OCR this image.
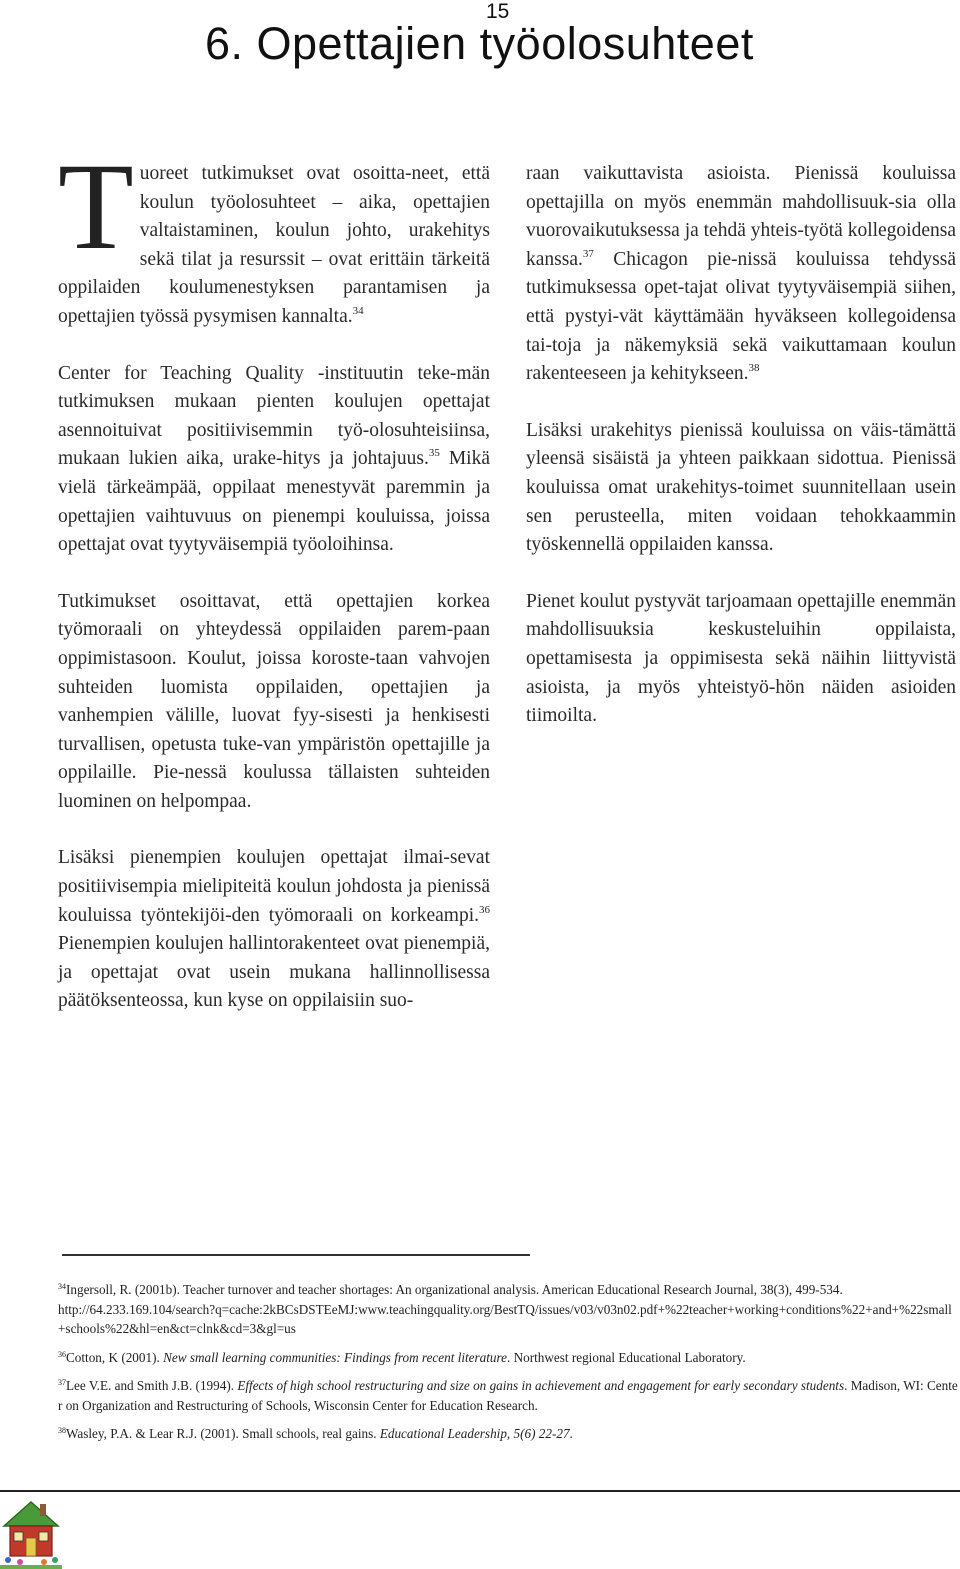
15
6. Opettajien työolosuhteet

Tuoreet tutkimukset ovat osoitta-neet, että koulun työolosuhteet – aika, opettajien valtaistaminen, koulun johto, urakehitys sekä tilat ja resurssit – ovat erittäin tärkeitä oppilaiden koulumenestyksen parantamisen ja opettajien työssä pysymisen kannalta.$^{34}$

Center for Teaching Quality -instituutin teke-män tutkimuksen mukaan pienten koulujen opettajat asennoituivat positiivisemmin työ-olosuhteisiinsa, mukaan lukien aika, urake-hitys ja johtajuus.$^{35}$ Mikä vielä tärkeämpää, oppilaat menestyvät paremmin ja opettajien vaihtuvuus on pienempi kouluissa, joissa opettajat ovat tyytyväisempiä työoloihinsa.

Tutkimukset osoittavat, että opettajien korkea työmoraali on yhteydessä oppilaiden parem-paan oppimistasoon. Koulut, joissa koroste-taan vahvojen suhteiden luomista oppilaiden, opettajien ja vanhempien välille, luovat fyy-sisesti ja henkisesti turvallisen, opetusta tuke-van ympäristön opettajille ja oppilaille. Pie-nessä koulussa tällaisten suhteiden luominen on helpompaa.

Lisäksi pienempien koulujen opettajat ilmai-sevat positiivisempia mielipiteitä koulun johdosta ja pienissä kouluissa työntekijöi-den työmoraali on korkeampi.$^{36}$ Pienempien koulujen hallintorakenteet ovat pienempiä, ja opettajat ovat usein mukana hallinnollisessa päätöksenteossa, kun kyse on oppilaisiin suo-

raan vaikuttavista asioista. Pienissä kouluissa opettajilla on myös enemmän mahdollisuuk-sia olla vuorovaikutuksessa ja tehdä yhteis-työtä kollegoidensa kanssa.$^{37}$ Chicagon pie-nissä kouluissa tehdyssä tutkimuksessa opet-tajat olivat tyytyväisempiä siihen, että pystyi-vät käyttämään hyväkseen kollegoidensa tai-toja ja näkemyksiä sekä vaikuttamaan koulun rakenteeseen ja kehitykseen.$^{38}$

Lisäksi urakehitys pienissä kouluissa on väis-tämättä yleensä sisäistä ja yhteen paikkaan sidottua. Pienissä kouluissa omat urakehitys-toimet suunnitellaan usein sen perusteella, miten voidaan tehokkaammin työskennellä oppilaiden kanssa.

Pienet koulut pystyvät tarjoamaan opettajille enemmän mahdollisuuksia keskusteluihin oppilaista, opettamisesta ja oppimisesta sekä näihin liittyvistä asioista, ja myös yhteistyö-hön näiden asioiden tiimoilta.

$^{34}$Ingersoll, R. (2001b). Teacher turnover and teacher shortages: An organizational analysis. American Educational Research Journal, 38(3), 499-534.
http://64.233.169.104/search?q=cache:2kBCsDSTEeMJ:www.teachingquality.org/BestTQ/issues/v03/v03n02.pdf+%22teacher+working+conditions%22+and+%22small+schools%22&hl=en&ct=clnk&cd=3&gl=us
$^{36}$Cotton, K (2001). New small learning communities: Findings from recent literature. Northwest regional Educational Laboratory.
$^{37}$Lee V.E. and Smith J.B. (1994). Effects of high school restructuring and size on gains in achievement and engagement for early secondary students. Madison, WI: Center on Organization and Restructuring of Schools, Wisconsin Center for Education Research.
$^{38}$Wasley, P.A. & Lear R.J. (2001). Small schools, real gains. Educational Leadership, 5(6) 22-27.
